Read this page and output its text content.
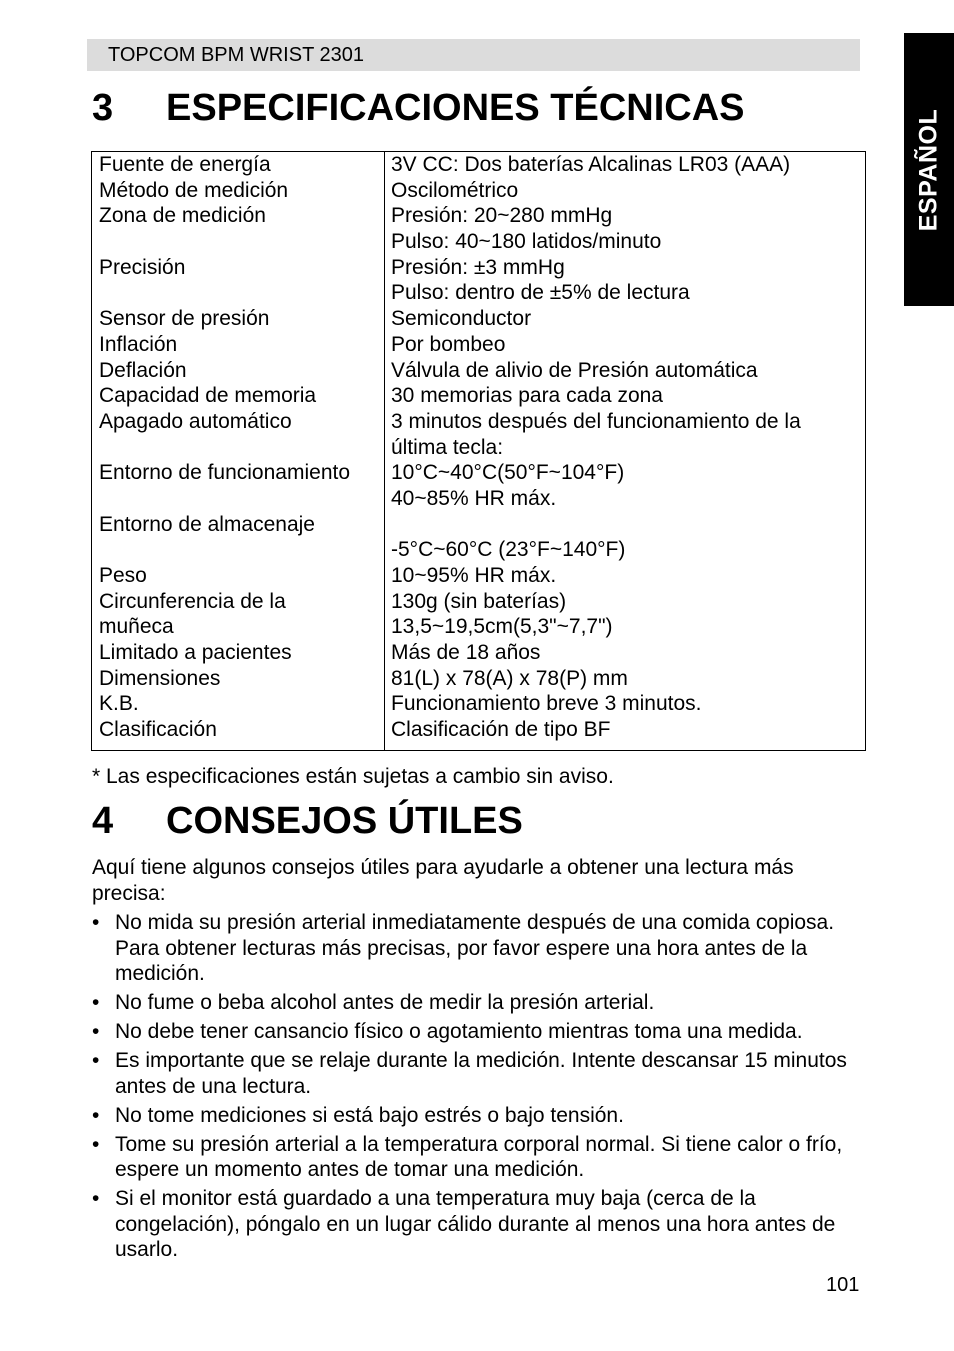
TOPCOM BPM WRIST 2301
ESPAÑOL
3 ESPECIFICACIONES TÉCNICAS
Fuente de energía
Método de medición
Zona de medición
Precisión
Sensor de presión
Inflación
Deflación
Capacidad de memoria
Apagado automático
Entorno de funcionamiento
Entorno de almacenaje
Peso
Circunferencia de la
muñeca
Limitado a pacientes
Dimensiones
K.B.
Clasificación
3V CC: Dos baterías Alcalinas LR03 (AAA)
Oscilométrico
Presión: 20~280 mmHg
Pulso: 40~180 latidos/minuto
Presión: ±3 mmHg
Pulso: dentro de ±5% de lectura
Semiconductor
Por bombeo
Válvula de alivio de Presión automática
30 memorias para cada zona
3 minutos después del funcionamiento de la
última tecla:
10°C~40°C(50°F~104°F)
40~85% HR máx.
-5°C~60°C (23°F~140°F)
10~95% HR máx.
130g (sin baterías)
13,5~19,5cm(5,3"~7,7")
Más de 18 años
81(L) x 78(A) x 78(P) mm
Funcionamiento breve 3 minutos.
Clasificación de tipo BF

* Las especificaciones están sujetas a cambio sin aviso.

4 CONSEJOS ÚTILES

Aquí tiene algunos consejos útiles para ayudarle a obtener una lectura más precisa:

• No mida su presión arterial inmediatamente después de una comida copiosa. Para obtener lecturas más precisas, por favor espere una hora antes de la medición.
• No fume o beba alcohol antes de medir la presión arterial.
• No debe tener cansancio físico o agotamiento mientras toma una medida.
• Es importante que se relaje durante la medición. Intente descansar 15 minutos antes de una lectura.
• No tome mediciones si está bajo estrés o bajo tensión.
• Tome su presión arterial a la temperatura corporal normal. Si tiene calor o frío, espere un momento antes de tomar una medición.
• Si el monitor está guardado a una temperatura muy baja (cerca de la congelación), póngalo en un lugar cálido durante al menos una hora antes de usarlo.
101
